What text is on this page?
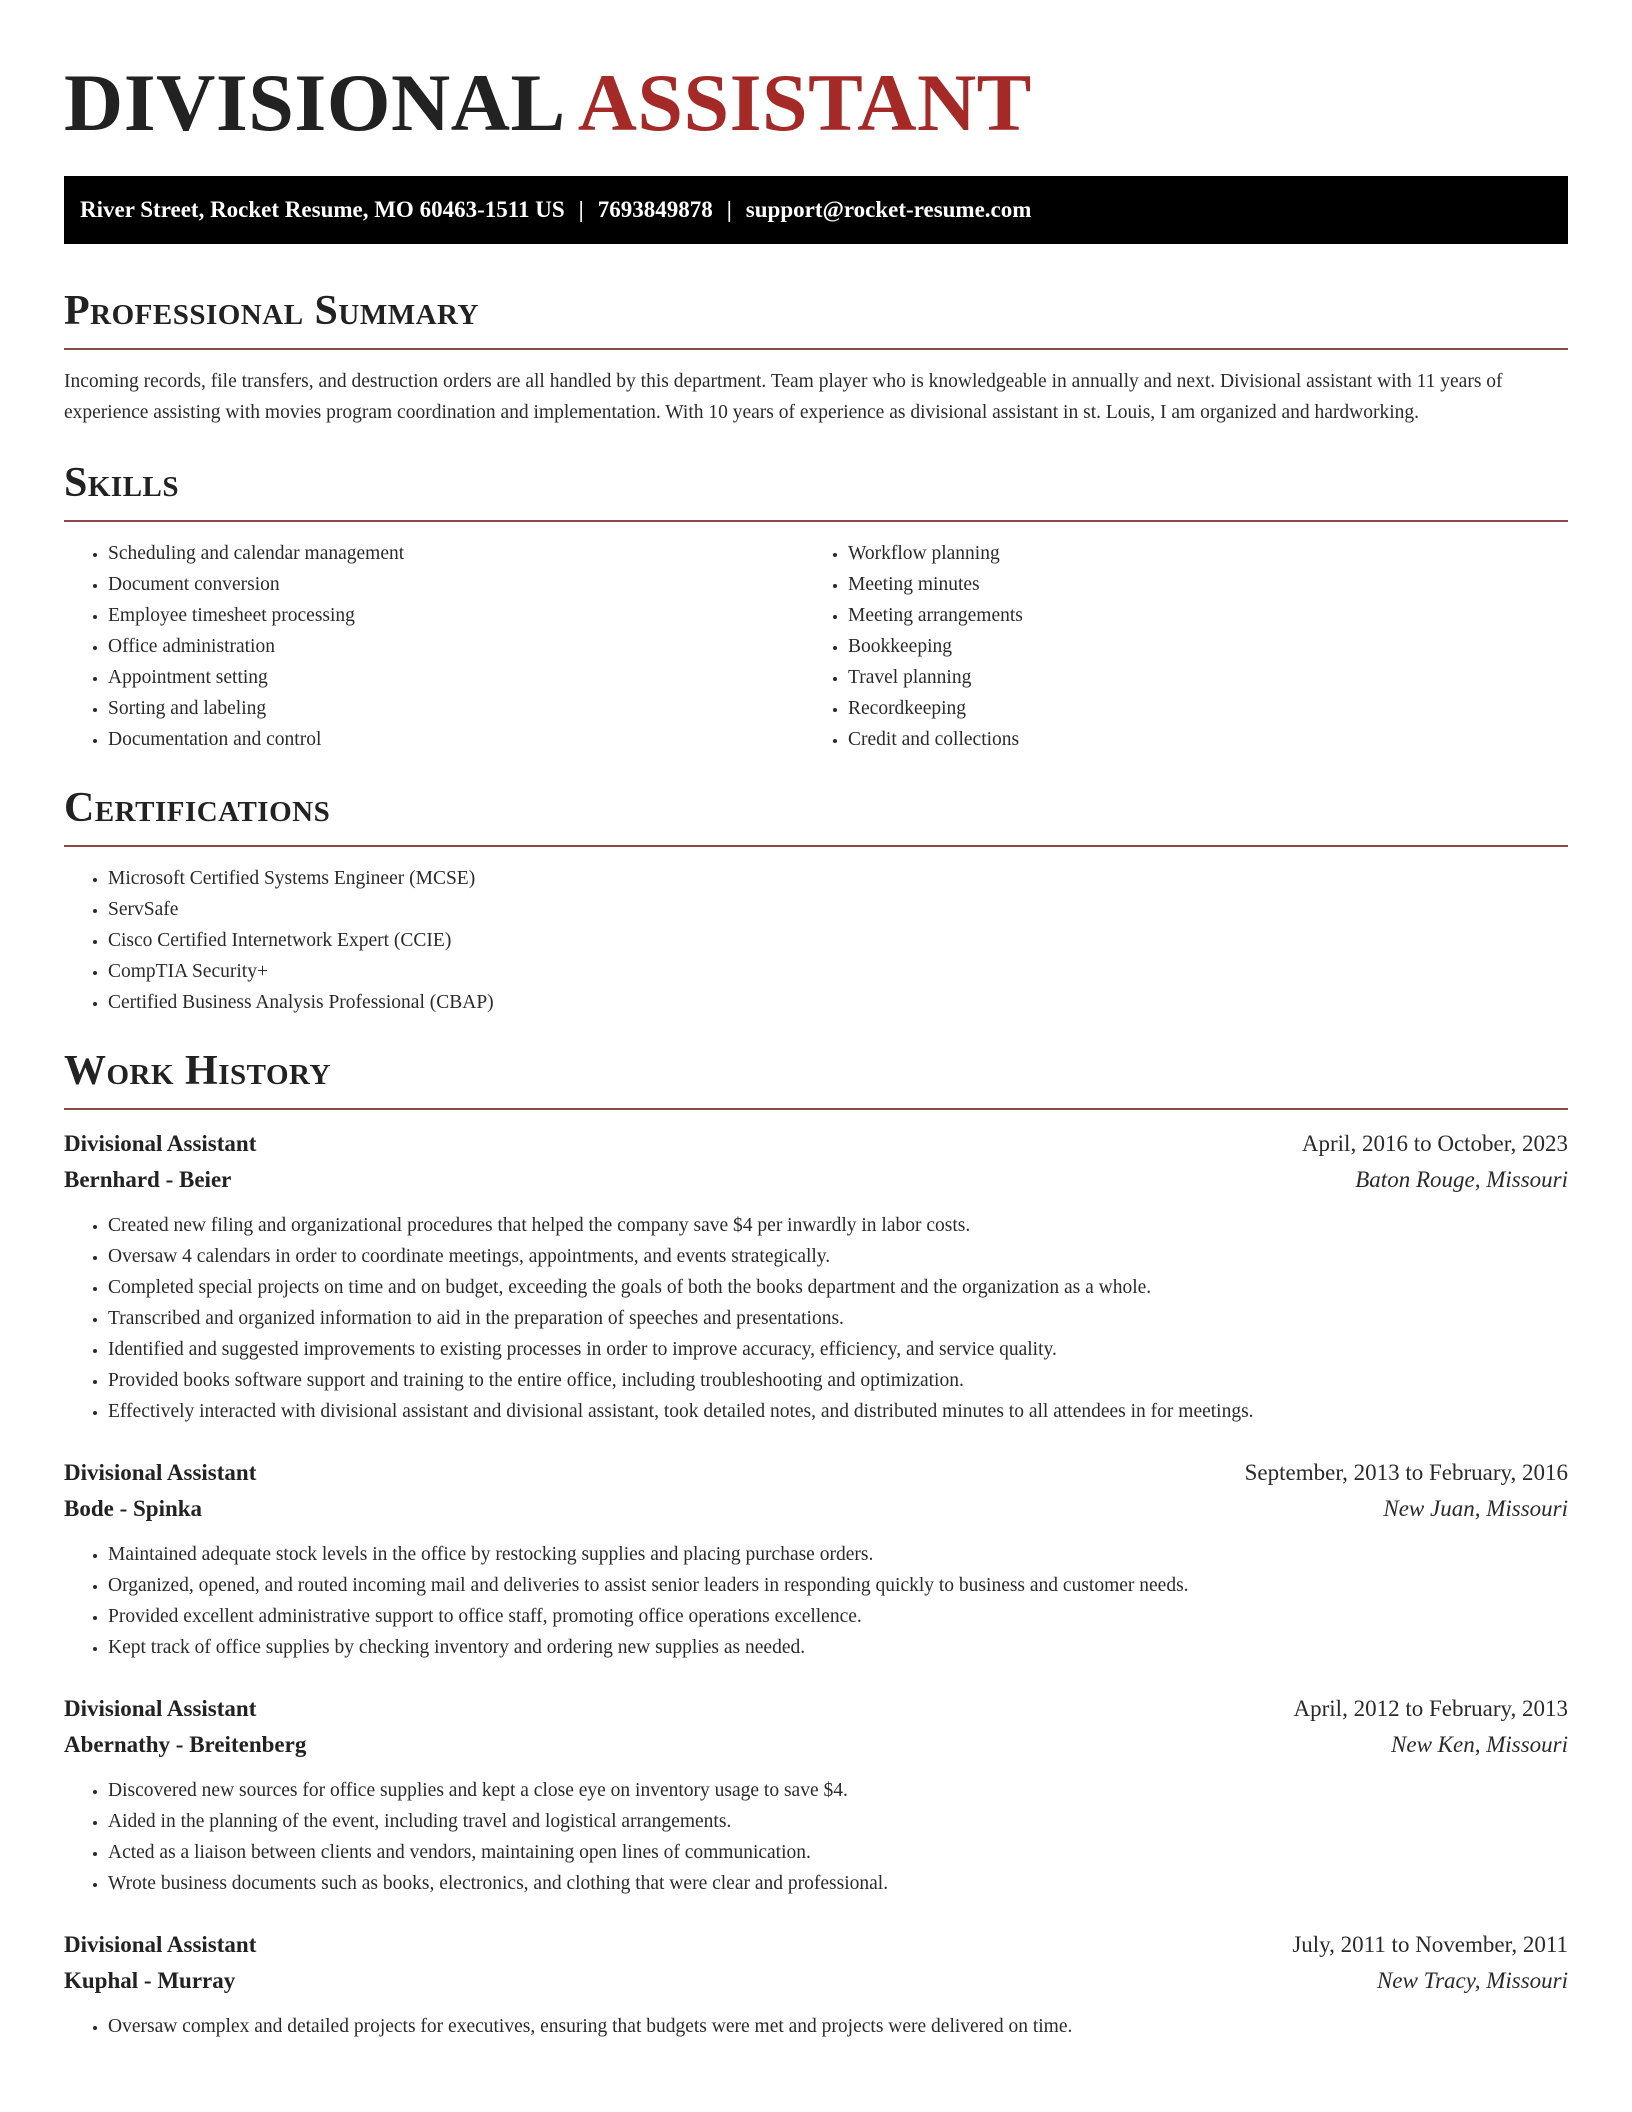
DIVISIONAL ASSISTANT
River Street, Rocket Resume, MO 60463-1511 US | 7693849878 | support@rocket-resume.com
Professional Summary

Incoming records, file transfers, and destruction orders are all handled by this department. Team player who is knowledgeable in annually and next. Divisional assistant with 11 years of experience assisting with movies program coordination and implementation. With 10 years of experience as divisional assistant in st. Louis, I am organized and hardworking.

Skills
• Scheduling and calendar management
• Document conversion
• Employee timesheet processing
• Office administration
• Appointment setting
• Sorting and labeling
• Documentation and control
• Workflow planning
• Meeting minutes
• Meeting arrangements
• Bookkeeping
• Travel planning
• Recordkeeping
• Credit and collections
Certifications
• Microsoft Certified Systems Engineer (MCSE)
• ServSafe
• Cisco Certified Internetwork Expert (CCIE)
• CompTIA Security+
• Certified Business Analysis Professional (CBAP)
Work History
Divisional Assistant	April, 2016 to October, 2023
Bernhard - Beier	Baton Rouge, Missouri
• Created new filing and organizational procedures that helped the company save $4 per inwardly in labor costs.
• Oversaw 4 calendars in order to coordinate meetings, appointments, and events strategically.
• Completed special projects on time and on budget, exceeding the goals of both the books department and the organization as a whole.
• Transcribed and organized information to aid in the preparation of speeches and presentations.
• Identified and suggested improvements to existing processes in order to improve accuracy, efficiency, and service quality.
• Provided books software support and training to the entire office, including troubleshooting and optimization.
• Effectively interacted with divisional assistant and divisional assistant, took detailed notes, and distributed minutes to all attendees in for meetings.
Divisional Assistant	September, 2013 to February, 2016
Bode - Spinka	New Juan, Missouri
• Maintained adequate stock levels in the office by restocking supplies and placing purchase orders.
• Organized, opened, and routed incoming mail and deliveries to assist senior leaders in responding quickly to business and customer needs.
• Provided excellent administrative support to office staff, promoting office operations excellence.
• Kept track of office supplies by checking inventory and ordering new supplies as needed.
Divisional Assistant	April, 2012 to February, 2013
Abernathy - Breitenberg	New Ken, Missouri
• Discovered new sources for office supplies and kept a close eye on inventory usage to save $4.
• Aided in the planning of the event, including travel and logistical arrangements.
• Acted as a liaison between clients and vendors, maintaining open lines of communication.
• Wrote business documents such as books, electronics, and clothing that were clear and professional.
Divisional Assistant	July, 2011 to November, 2011
Kuphal - Murray	New Tracy, Missouri
• Oversaw complex and detailed projects for executives, ensuring that budgets were met and projects were delivered on time.
